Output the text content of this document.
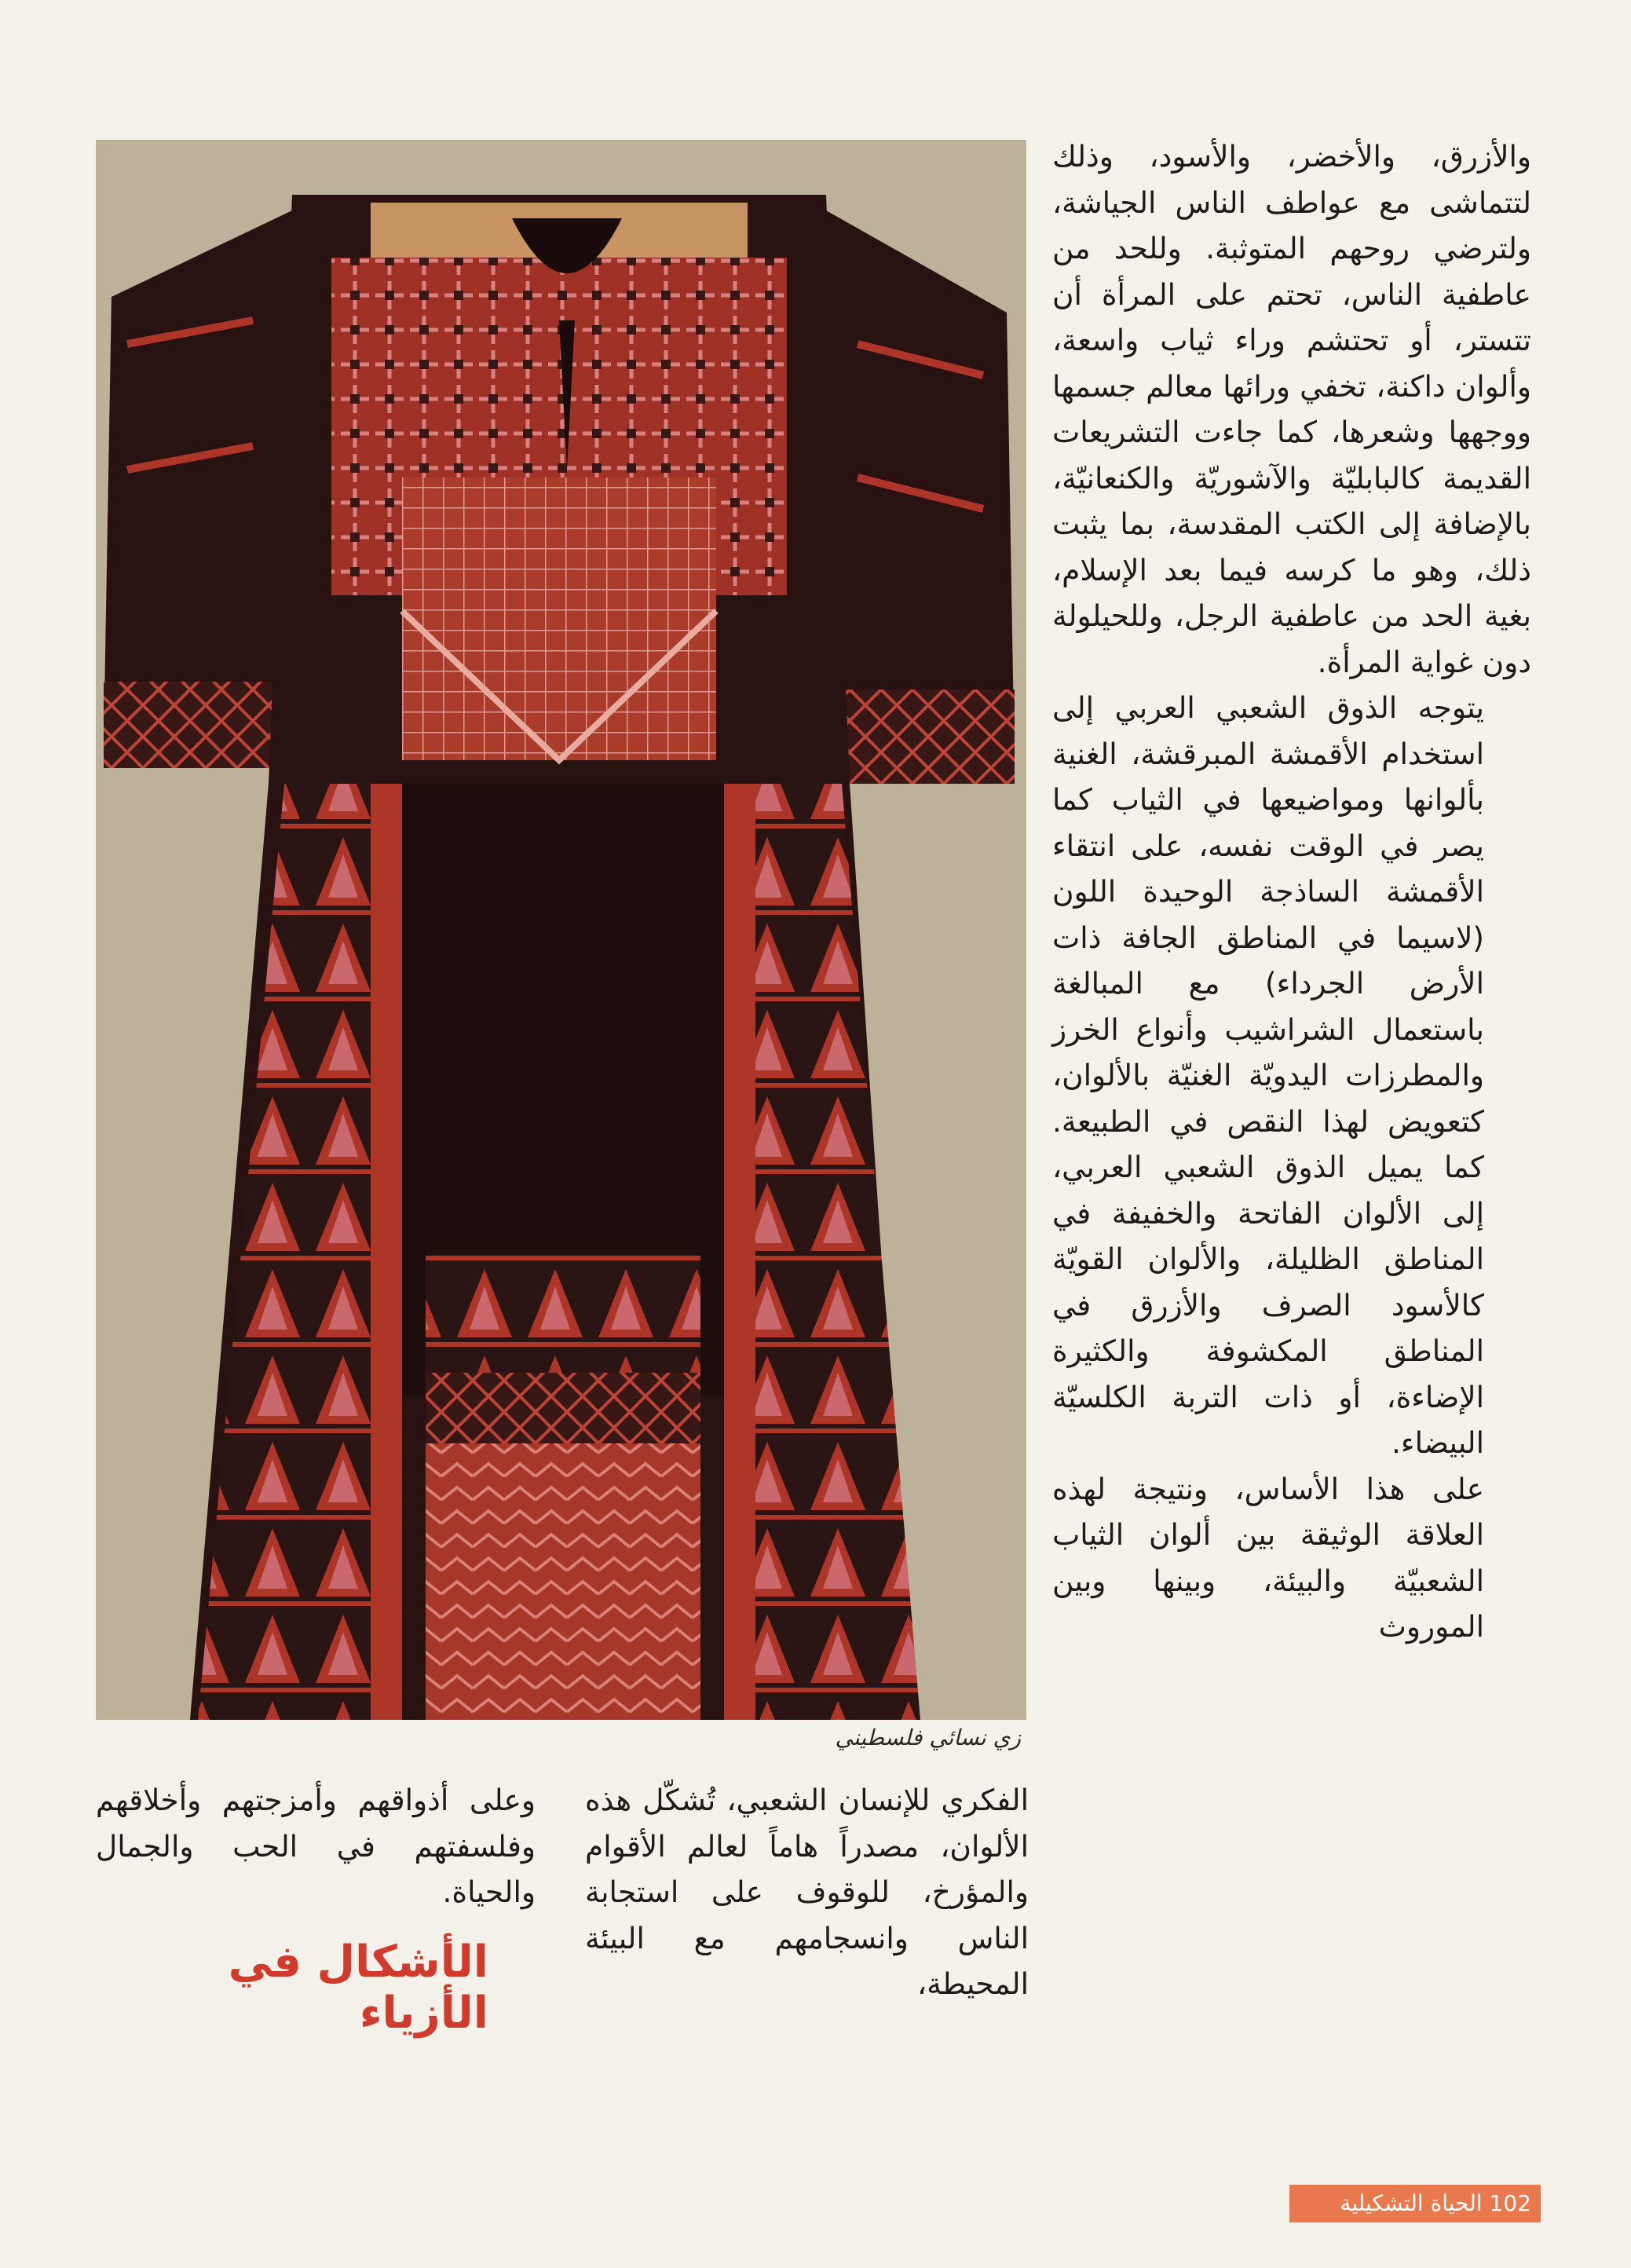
زي نسائي فلسطيني

والأزرق، والأخضر، والأسود، وذلك لتتماشى مع عواطف الناس الجياشة، ولترضي روحهم المتوثبة. وللحد من عاطفية الناس، تحتم على المرأة أن تتستر، أو تحتشم وراء ثياب واسعة، وألوان داكنة، تخفي ورائها معالم جسمها ووجهها وشعرها، كما جاءت التشريعات القديمة كالبابليّة والآشوريّة والكنعانيّة، بالإضافة إلى الكتب المقدسة، بما يثبت ذلك، وهو ما كرسه فيما بعد الإسلام، بغية الحد من عاطفية الرجل، وللحيلولة دون غواية المرأة.

يتوجه الذوق الشعبي العربي إلى استخدام الأقمشة المبرقشة، الغنية بألوانها ومواضيعها في الثياب كما يصر في الوقت نفسه، على انتقاء الأقمشة الساذجة الوحيدة اللون (لاسيما في المناطق الجافة ذات الأرض الجرداء) مع المبالغة باستعمال الشراشيب وأنواع الخرز والمطرزات اليدويّة الغنيّة بالألوان، كتعويض لهذا النقص في الطبيعة. كما يميل الذوق الشعبي العربي، إلى الألوان الفاتحة والخفيفة في المناطق الظليلة، والألوان القويّة كالأسود الصرف والأزرق في المناطق المكشوفة والكثيرة الإضاءة، أو ذات التربة الكلسيّة البيضاء.

على هذا الأساس، ونتيجة لهذه العلاقة الوثيقة بين ألوان الثياب الشعبيّة والبيئة، وبينها وبين الموروث

الفكري للإنسان الشعبي، تُشكّل هذه الألوان، مصدراً هاماً لعالم الأقوام والمؤرخ، للوقوف على استجابة الناس وانسجامهم مع البيئة المحيطة،

وعلى أذواقهم وأمزجتهم وأخلاقهم وفلسفتهم في الحب والجمال والحياة.

الأشكال في الأزياء
102 الحياة التشكيلية
